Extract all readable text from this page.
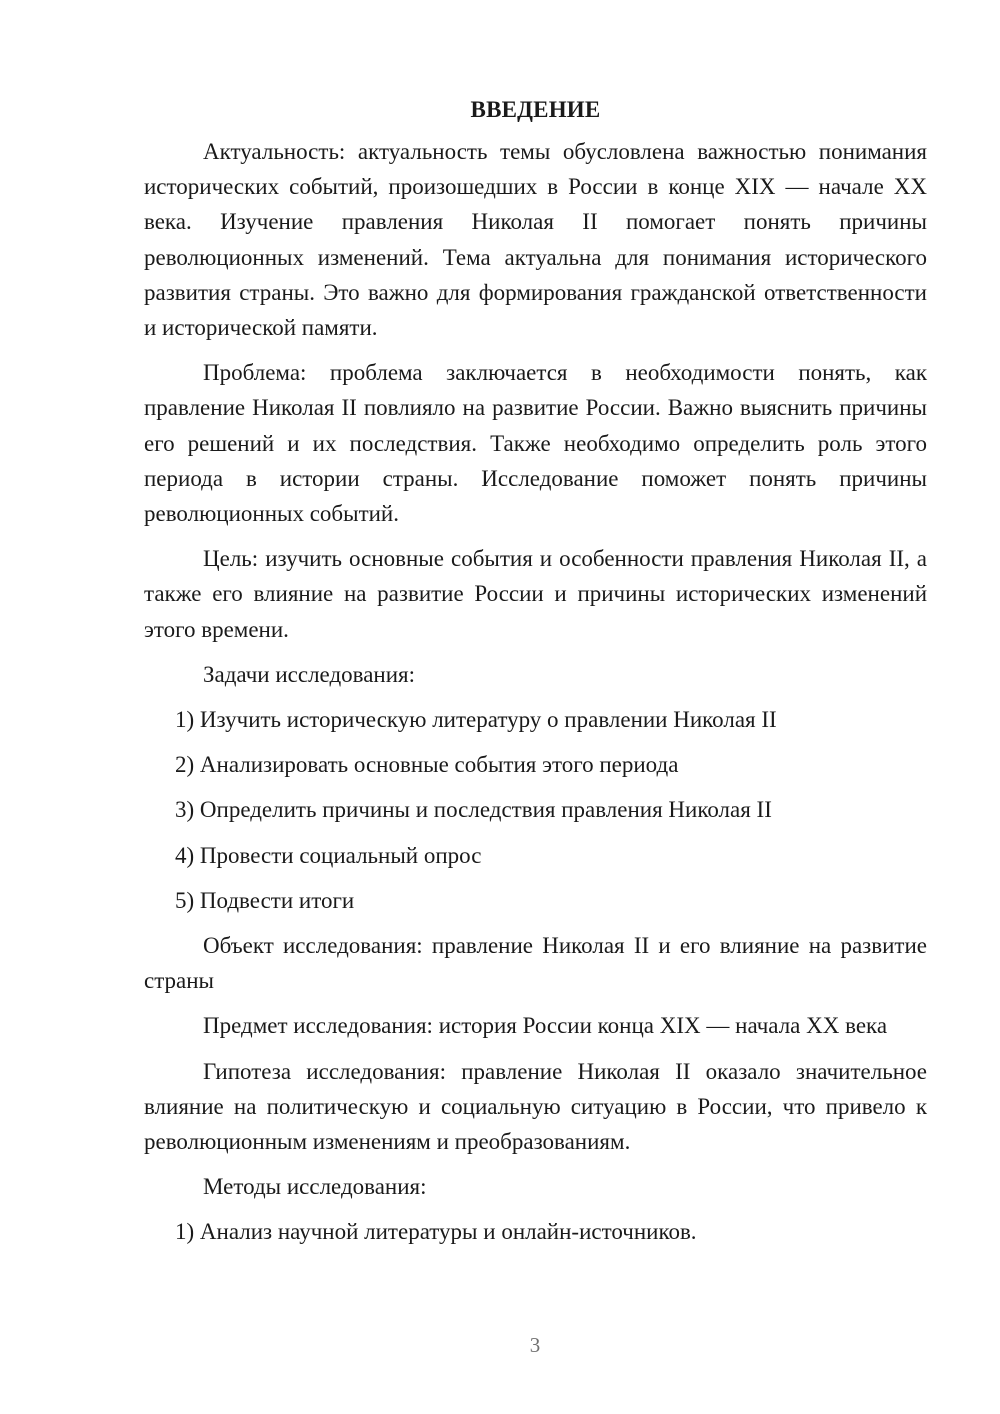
ВВЕДЕНИЕ

Актуальность: актуальность темы обусловлена важностью понимания исторических событий, произошедших в России в конце XIX — начале XX века. Изучение правления Николая II помогает понять причины революционных изменений. Тема актуальна для понимания исторического развития страны. Это важно для формирования гражданской ответственности и исторической памяти.

Проблема: проблема заключается в необходимости понять, как правление Николая II повлияло на развитие России. Важно выяснить причины его решений и их последствия. Также необходимо определить роль этого периода в истории страны. Исследование поможет понять причины революционных событий.

Цель: изучить основные события и особенности правления Николая II, а также его влияние на развитие России и причины исторических изменений этого времени.

Задачи исследования:

1) Изучить историческую литературу о правлении Николая II

2) Анализировать основные события этого периода

3) Определить причины и последствия правления Николая II

4) Провести социальный опрос

5) Подвести итоги

Объект исследования: правление Николая II и его влияние на развитие страны

Предмет исследования: история России конца XIX — начала XX века

Гипотеза исследования: правление Николая II оказало значительное влияние на политическую и социальную ситуацию в России, что привело к революционным изменениям и преобразованиям.

Методы исследования:

1) Анализ научной литературы и онлайн-источников.

3
